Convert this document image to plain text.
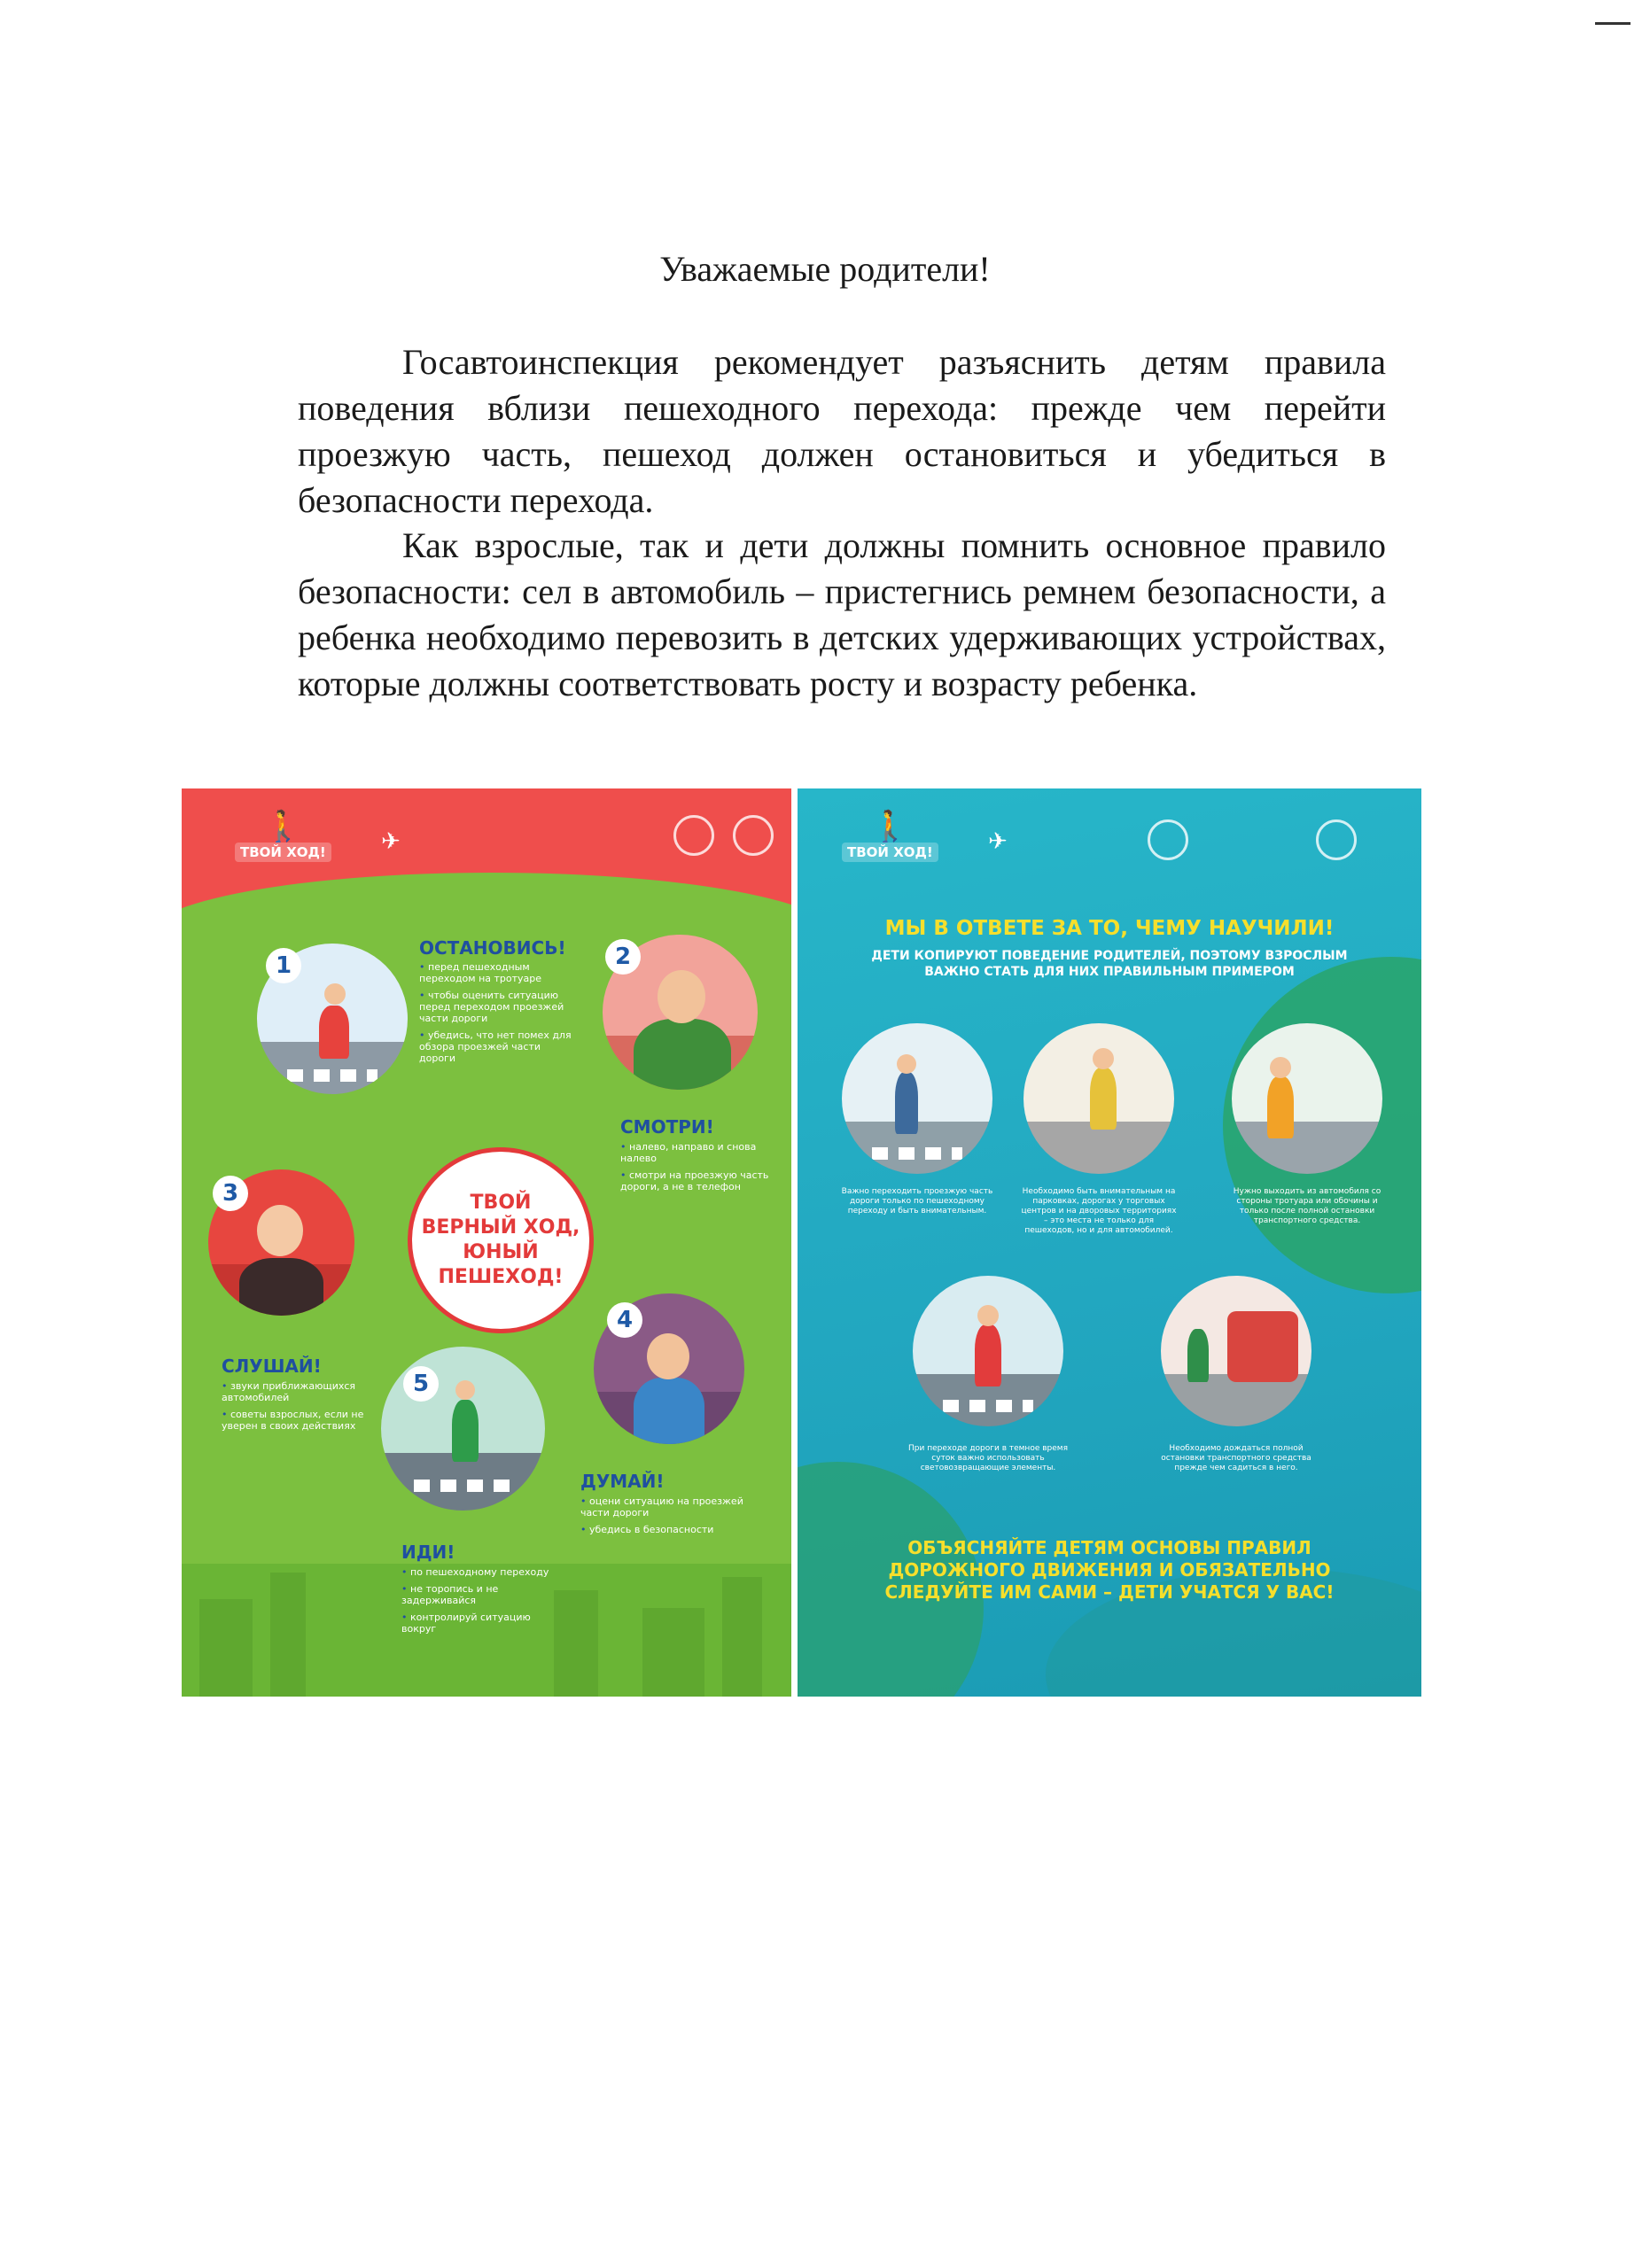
Уважаемые родители!

Госавтоинспекция рекомендует разъяснить детям правила поведения вблизи пешеходного перехода: прежде чем перейти проезжую часть, пешеход должен остановиться и убедиться в безопасности перехода.

Как взрослые, так и дети должны помнить основное правило безопасности: сел в автомобиль – пристегнись ремнем безопасности, а ребенка необходимо перевозить в детских удерживающих устройствах, которые должны соответствовать росту и возрасту ребенка.

🚶
ТВОЙ ХОД! ✈
1
ОСТАНОВИСЬ!
• перед пешеходным переходом на тротуаре
• чтобы оценить ситуацию перед переходом проезжей части дороги
• убедись, что нет помех для обзора проезжей части дороги
2
СМОТРИ!
• налево, направо и снова налево
• смотри на проезжую часть дороги, а не в телефон
ТВОЙ
ВЕРНЫЙ ХОД,
ЮНЫЙ
ПЕШЕХОД!
3
СЛУШАЙ!
• звуки приближающихся автомобилей
• советы взрослых, если не уверен в своих действиях
4
ДУМАЙ!
• оцени ситуацию на проезжей части дороги
• убедись в безопасности
5
ИДИ!
• по пешеходному переходу
• не торопись и не задерживайся
• контролируй ситуацию вокруг
🚶
ТВОЙ ХОД! ✈
МЫ В ОТВЕТЕ ЗА ТО, ЧЕМУ НАУЧИЛИ!
ДЕТИ КОПИРУЮТ ПОВЕДЕНИЕ РОДИТЕЛЕЙ, ПОЭТОМУ ВЗРОСЛЫМ ВАЖНО СТАТЬ ДЛЯ НИХ ПРАВИЛЬНЫМ ПРИМЕРОМ
Важно переходить проезжую часть дороги только по пешеходному переходу и быть внимательным.
Необходимо быть внимательным на парковках, дорогах у торговых центров и на дворовых территориях – это места не только для пешеходов, но и для автомобилей.
Нужно выходить из автомобиля со стороны тротуара или обочины и только после полной остановки транспортного средства.
При переходе дороги в темное время суток важно использовать световозвращающие элементы.
Необходимо дождаться полной остановки транспортного средства прежде чем садиться в него.
ОБЪЯСНЯЙТЕ ДЕТЯМ ОСНОВЫ ПРАВИЛ ДОРОЖНОГО ДВИЖЕНИЯ И ОБЯЗАТЕЛЬНО СЛЕДУЙТЕ ИМ САМИ – ДЕТИ УЧАТСЯ У ВАС!
